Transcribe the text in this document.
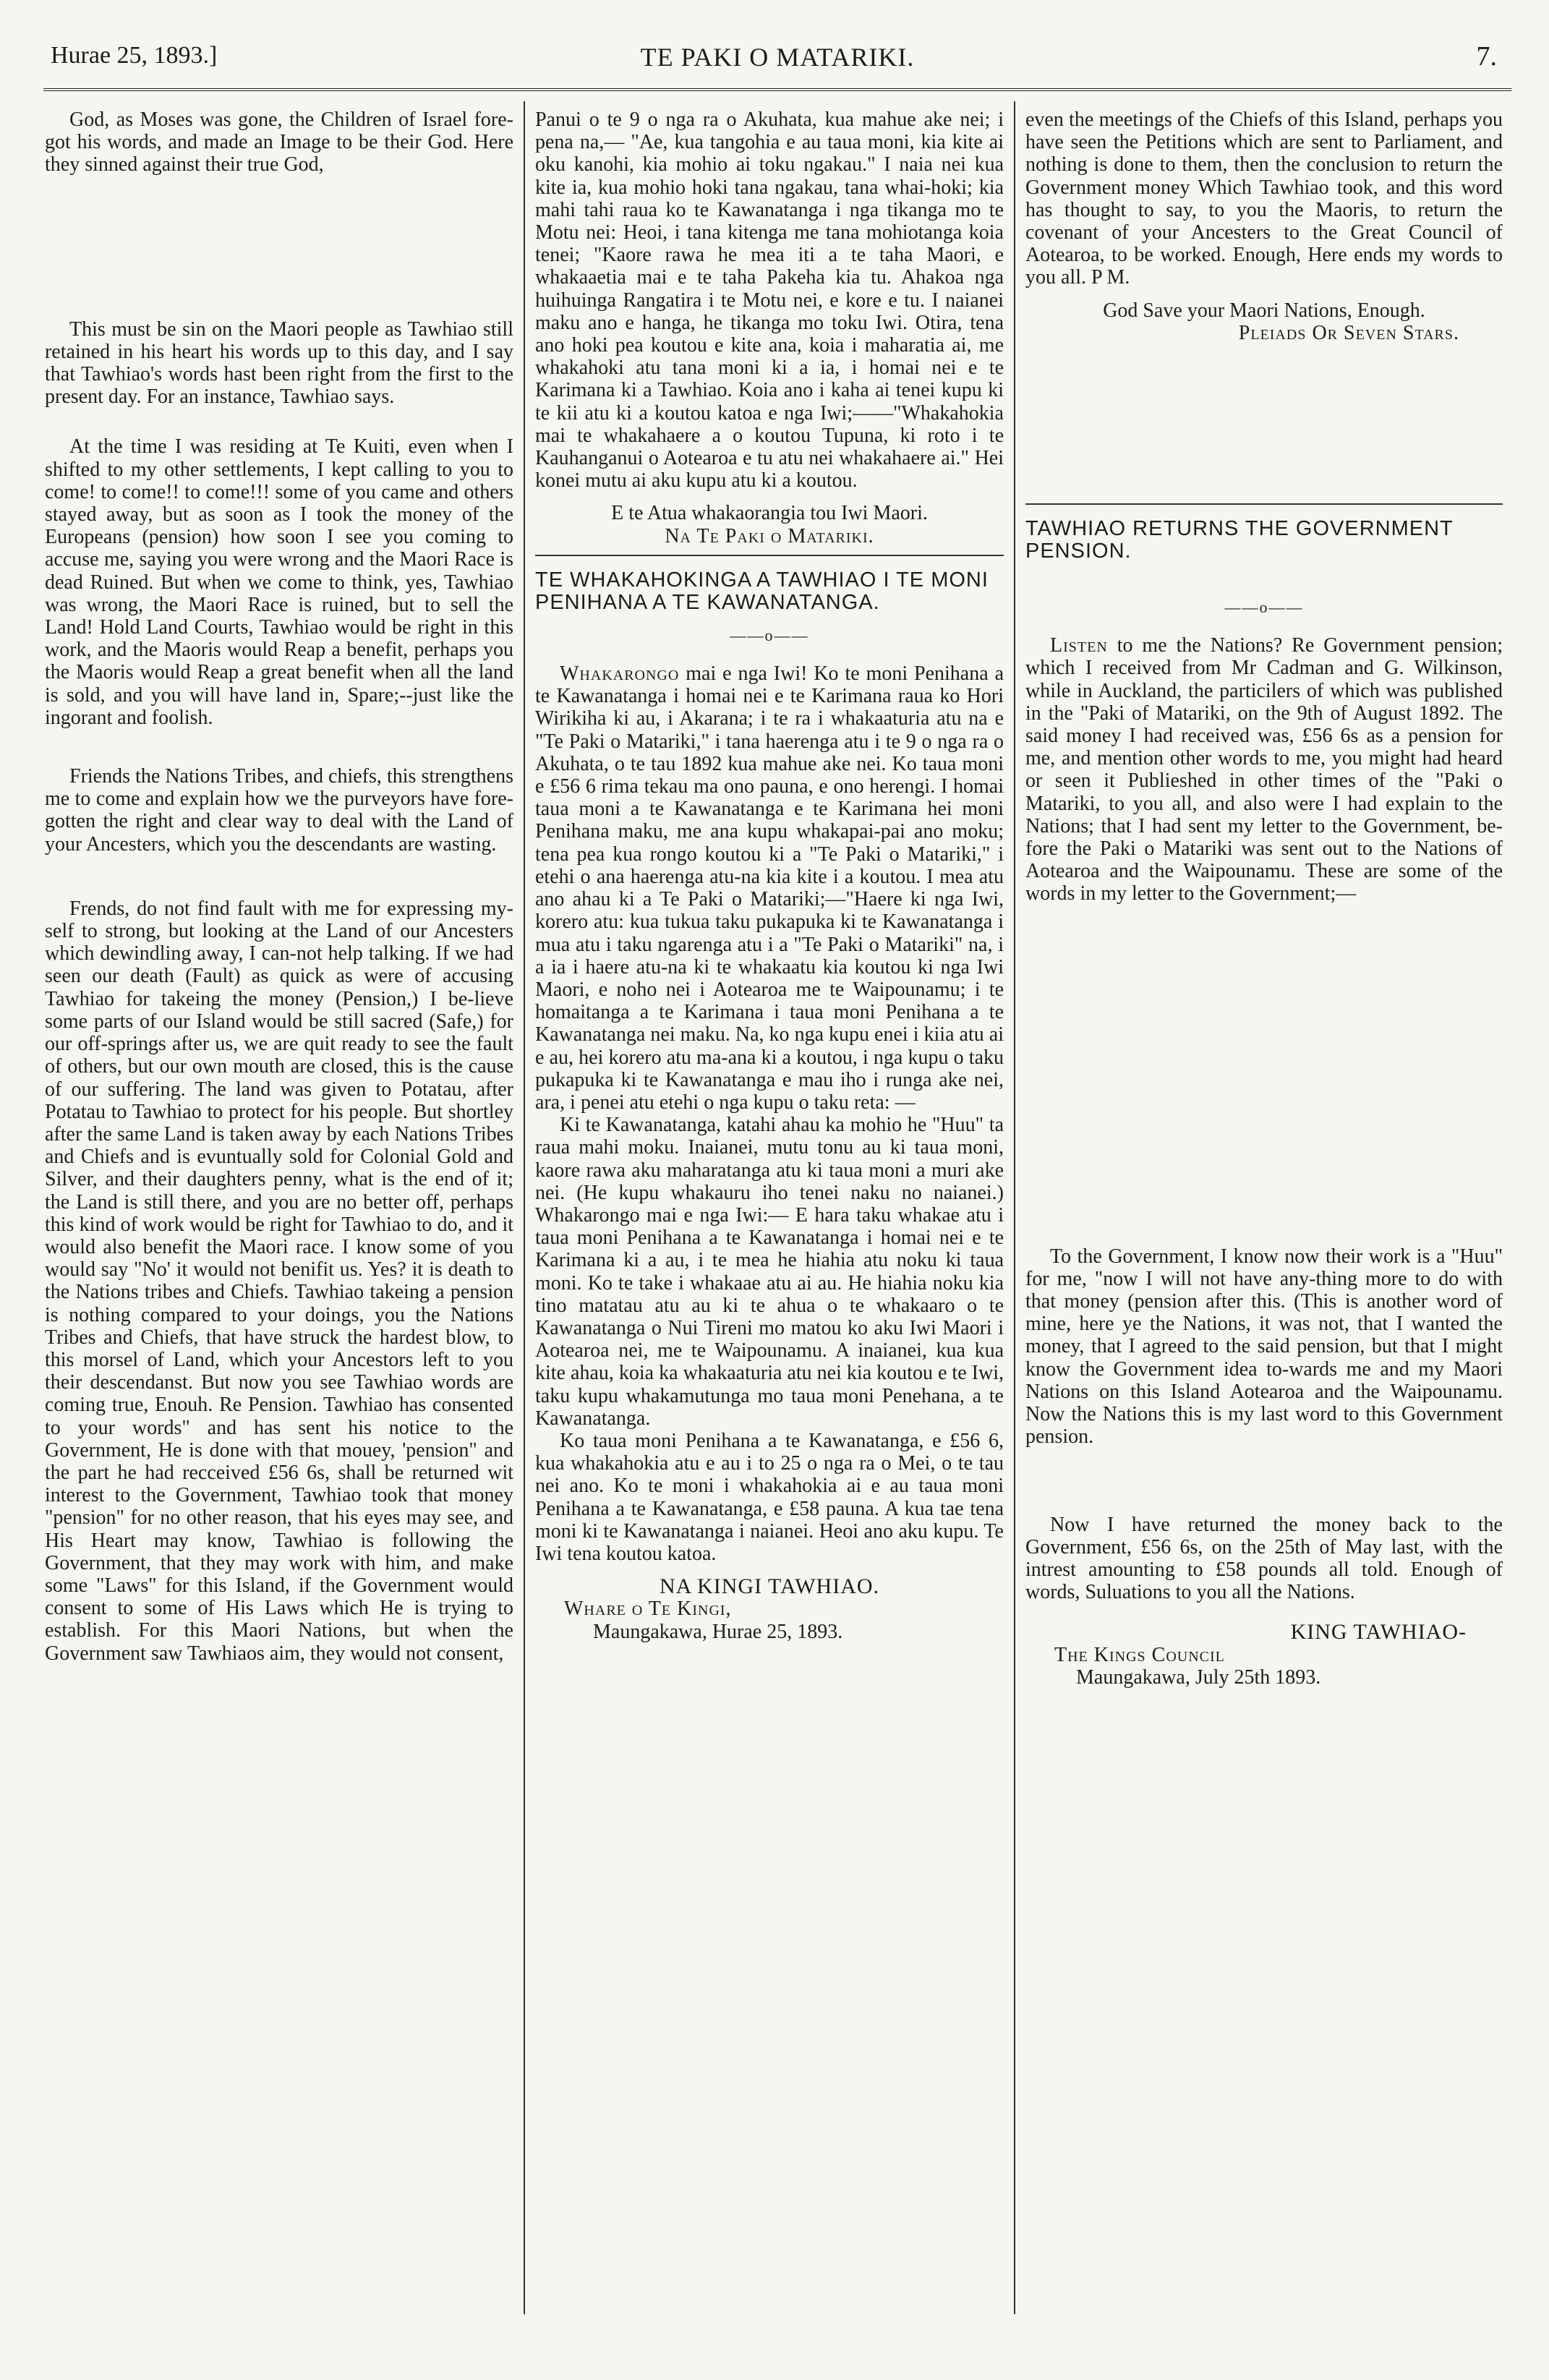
Hurae 25, 1893.]	TE PAKI O MATARIKI.	7.

God, as Moses was gone, the Children of Israel fore-got his words, and made an Image to be their God. Here they sinned against their true God,

This must be sin on the Maori people as Tawhiao still retained in his heart his words up to this day, and I say that Tawhiao's words hast been right from the first to the present day. For an instance, Tawhiao says.

At the time I was residing at Te Kuiti, even when I shifted to my other settlements, I kept calling to you to come! to come!! to come!!! some of you came and others stayed away, but as soon as I took the money of the Europeans (pension) how soon I see you coming to accuse me, saying you were wrong and the Maori Race is dead Ruined. But when we come to think, yes, Tawhiao was wrong, the Maori Race is ruined, but to sell the Land! Hold Land Courts, Tawhiao would be right in this work, and the Maoris would Reap a benefit, perhaps you the Maoris would Reap a great benefit when all the land is sold, and you will have land in, Spare;--just like the ingorant and foolish.

Friends the Nations Tribes, and chiefs, this strengthens me to come and explain how we the purveyors have fore-gotten the right and clear way to deal with the Land of your Ancesters, which you the descendants are wasting.

Frends, do not find fault with me for expressing my-self to strong, but looking at the Land of our Ancesters which dewindling away, I can-not help talking. If we had seen our death (Fault) as quick as were of accusing Tawhiao for takeing the money (Pension,) I be-lieve some parts of our Island would be still sacred (Safe,) for our off-springs after us, we are quit ready to see the fault of others, but our own mouth are closed, this is the cause of our suffering. The land was given to Potatau, after Potatau to Tawhiao to protect for his people. But shortley after the same Land is taken away by each Nations Tribes and Chiefs and is evuntually sold for Colonial Gold and Silver, and their daughters penny, what is the end of it; the Land is still there, and you are no better off, perhaps this kind of work would be right for Tawhiao to do, and it would also benefit the Maori race. I know some of you would say "No' it would not benifit us. Yes? it is death to the Nations tribes and Chiefs. Tawhiao takeing a pension is nothing compared to your doings, you the Nations Tribes and Chiefs, that have struck the hardest blow, to this morsel of Land, which your Ancestors left to you their descendanst. But now you see Tawhiao words are coming true, Enouh. Re Pension. Tawhiao has consented to your words" and has sent his notice to the Government, He is done with that mouey, 'pension" and the part he had recceived £56 6s, shall be returned wit interest to the Government, Tawhiao took that money "pension" for no other reason, that his eyes may see, and His Heart may know, Tawhiao is following the Government, that they may work with him, and make some "Laws" for this Island, if the Government would consent to some of His Laws which He is trying to establish. For this Maori Nations, but when the Government saw Tawhiaos aim, they would not consent,

Panui o te 9 o nga ra o Akuhata, kua mahue ake nei; i pena na,— "Ae, kua tangohia e au taua moni, kia kite ai oku kanohi, kia mohio ai toku ngakau." I naia nei kua kite ia, kua mohio hoki tana ngakau, tana whai-hoki; kia mahi tahi raua ko te Kawanatanga i nga tikanga mo te Motu nei: Heoi, i tana kitenga me tana mohiotanga koia tenei; "Kaore rawa he mea iti a te taha Maori, e whakaaetia mai e te taha Pakeha kia tu. Ahakoa nga huihuinga Rangatira i te Motu nei, e kore e tu. I naianei maku ano e hanga, he tikanga mo toku Iwi. Otira, tena ano hoki pea koutou e kite ana, koia i maharatia ai, me whakahoki atu tana moni ki a ia, i homai nei e te Karimana ki a Tawhiao. Koia ano i kaha ai tenei kupu ki te kii atu ki a koutou katoa e nga Iwi;——"Whakahokia mai te whakahaere a o koutou Tupuna, ki roto i te Kauhanganui o Aotearoa e tu atu nei whakahaere ai." Hei konei mutu ai aku kupu atu ki a koutou.

E te Atua whakaorangia tou Iwi Maori.

Na Te Paki o Matariki.

TE WHAKAHOKINGA A TAWHIAO I TE MONI PENIHANA A TE KAWANATANGA.

——o——

Whakarongo mai e nga Iwi! Ko te moni Penihana a te Kawanatanga i homai nei e te Karimana raua ko Hori Wirikiha ki au, i Akarana; i te ra i whakaaturia atu na e "Te Paki o Matariki," i tana haerenga atu i te 9 o nga ra o Akuhata, o te tau 1892 kua mahue ake nei. Ko taua moni e £56 6 rima tekau ma ono pauna, e ono herengi. I homai taua moni a te Kawanatanga e te Karimana hei moni Penihana maku, me ana kupu whakapai-pai ano moku; tena pea kua rongo koutou ki a "Te Paki o Matariki," i etehi o ana haerenga atu-na kia kite i a koutou. I mea atu ano ahau ki a Te Paki o Matariki;—"Haere ki nga Iwi, korero atu: kua tukua taku pukapuka ki te Kawanatanga i mua atu i taku ngarenga atu i a "Te Paki o Matariki" na, i a ia i haere atu-na ki te whakaatu kia koutou ki nga Iwi Maori, e noho nei i Aotearoa me te Waipounamu; i te homaitanga a te Karimana i taua moni Penihana a te Kawanatanga nei maku. Na, ko nga kupu enei i kiia atu ai e au, hei korero atu ma-ana ki a koutou, i nga kupu o taku pukapuka ki te Kawanatanga e mau iho i runga ake nei, ara, i penei atu etehi o nga kupu o taku reta: —

Ki te Kawanatanga, katahi ahau ka mohio he "Huu" ta raua mahi moku. Inaianei, mutu tonu au ki taua moni, kaore rawa aku maharatanga atu ki taua moni a muri ake nei. (He kupu whakauru iho tenei naku no naianei.) Whakarongo mai e nga Iwi:— E hara taku whakae atu i taua moni Penihana a te Kawanatanga i homai nei e te Karimana ki a au, i te mea he hiahia atu noku ki taua moni. Ko te take i whakaae atu ai au. He hiahia noku kia tino matatau atu au ki te ahua o te whakaaro o te Kawanatanga o Nui Tireni mo matou ko aku Iwi Maori i Aotearoa nei, me te Waipounamu. A inaianei, kua kua kite ahau, koia ka whakaaturia atu nei kia koutou e te Iwi, taku kupu whakamutunga mo taua moni Penehana, a te Kawanatanga.

Ko taua moni Penihana a te Kawanatanga, e £56 6, kua whakahokia atu e au i to 25 o nga ra o Mei, o te tau nei ano. Ko te moni i whakahokia ai e au taua moni Penihana a te Kawanatanga, e £58 pauna. A kua tae tena moni ki te Kawanatanga i naianei. Heoi ano aku kupu. Te Iwi tena koutou katoa.

NA KINGI TAWHIAO.

Whare o Te Kingi,

Maungakawa, Hurae 25, 1893.

even the meetings of the Chiefs of this Island, perhaps you have seen the Petitions which are sent to Parliament, and nothing is done to them, then the conclusion to return the Government money Which Tawhiao took, and this word has thought to say, to you the Maoris, to return the covenant of your Ancesters to the Great Council of Aotearoa, to be worked. Enough, Here ends my words to you all. P M.

God Save your Maori Nations, Enough.

Pleiads Or Seven Stars.

TAWHIAO RETURNS THE GOVERNMENT PENSION.

——o——

Listen to me the Nations? Re Government pension; which I received from Mr Cadman and G. Wilkinson, while in Auckland, the particilers of which was published in the "Paki of Matariki, on the 9th of August 1892. The said money I had received was, £56 6s as a pension for me, and mention other words to me, you might had heard or seen it Publieshed in other times of the "Paki o Matariki, to you all, and also were I had explain to the Nations; that I had sent my letter to the Government, be-fore the Paki o Matariki was sent out to the Nations of Aotearoa and the Waipounamu. These are some of the words in my letter to the Government;—

To the Government, I know now their work is a "Huu" for me, "now I will not have any-thing more to do with that money (pension after this. (This is another word of mine, here ye the Nations, it was not, that I wanted the money, that I agreed to the said pension, but that I might know the Government idea to-wards me and my Maori Nations on this Island Aotearoa and the Waipounamu. Now the Nations this is my last word to this Government pension.

Now I have returned the money back to the Government, £56 6s, on the 25th of May last, with the intrest amounting to £58 pounds all told. Enough of words, Suluations to you all the Nations.

KING TAWHIAO-

The Kings Council

Maungakawa, July 25th 1893.
